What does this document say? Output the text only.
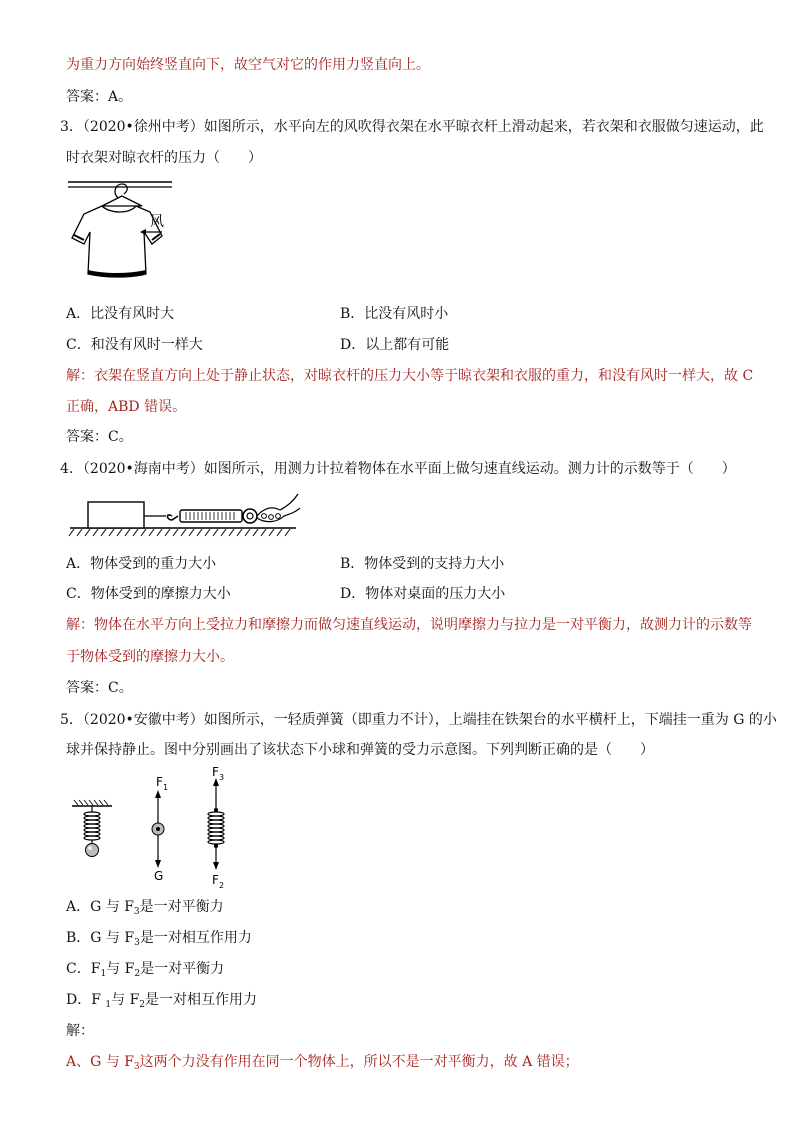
为重力方向始终竖直向下，故空气对它的作用力竖直向上。
答案：A。
3．（2020•徐州中考）如图所示，水平向左的风吹得衣架在水平晾衣杆上滑动起来，若衣架和衣服做匀速运动，此
时衣架对晾衣杆的压力（　　）
风
A．比没有风时大	B．比没有风时小
C．和没有风时一样大	D．以上都有可能
解：衣架在竖直方向上处于静止状态，对晾衣杆的压力大小等于晾衣架和衣服的重力，和没有风时一样大，故 C
正确，ABD 错误。
答案：C。
4．（2020•海南中考）如图所示，用测力计拉着物体在水平面上做匀速直线运动。测力计的示数等于（　　）
A．物体受到的重力大小	B．物体受到的支持力大小
C．物体受到的摩擦力大小	D．物体对桌面的压力大小
解：物体在水平方向上受拉力和摩擦力而做匀速直线运动，说明摩擦力与拉力是一对平衡力，故测力计的示数等
于物体受到的摩擦力大小。
答案：C。
5．（2020•安徽中考）如图所示，一轻质弹簧（即重力不计），上端挂在铁架台的水平横杆上，下端挂一重为 G 的小
球并保持静止。图中分别画出了该状态下小球和弹簧的受力示意图。下列判断正确的是（　　）
F 1
G
F 3
F 2
A．G 与 $F_3$是一对平衡力
B．G 与 $F_3$是一对相互作用力
C．$F_1$与 $F_2$是一对平衡力
D．F $_1$与 $F_2$是一对相互作用力
解：
A、G 与 $F_3$这两个力没有作用在同一个物体上，所以不是一对平衡力，故 A 错误；
